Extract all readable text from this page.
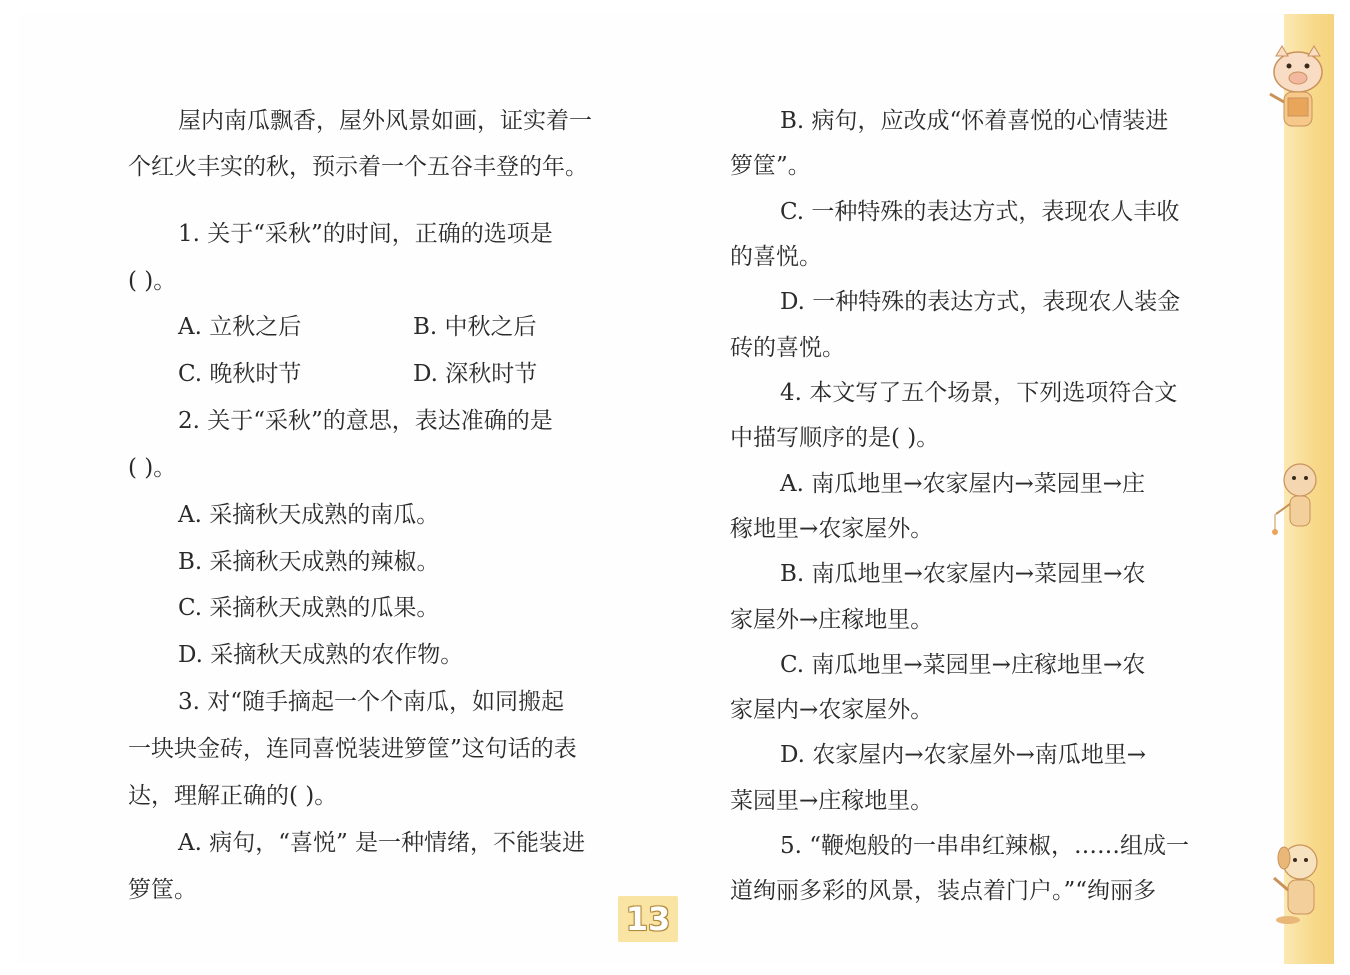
屋内南瓜飘香，屋外风景如画，证实着一
个红火丰实的秋，预示着一个五谷丰登的年。
1. 关于“采秋”的时间，正确的选项是
( )。
A. 立秋之后	B. 中秋之后
C. 晚秋时节	D. 深秋时节
2. 关于“采秋”的意思，表达准确的是
( )。
A. 采摘秋天成熟的南瓜。
B. 采摘秋天成熟的辣椒。
C. 采摘秋天成熟的瓜果。
D. 采摘秋天成熟的农作物。
3. 对“随手摘起一个个南瓜，如同搬起
一块块金砖，连同喜悦装进箩筐”这句话的表
达，理解正确的( )。
A. 病句，“喜悦” 是一种情绪，不能装进
箩筐。
B. 病句，应改成“怀着喜悦的心情装进
箩筐”。
C. 一种特殊的表达方式，表现农人丰收
的喜悦。
D. 一种特殊的表达方式，表现农人装金
砖的喜悦。
4. 本文写了五个场景，下列选项符合文
中描写顺序的是( )。
A. 南瓜地里→农家屋内→菜园里→庄
稼地里→农家屋外。
B. 南瓜地里→农家屋内→菜园里→农
家屋外→庄稼地里。
C. 南瓜地里→菜园里→庄稼地里→农
家屋内→农家屋外。
D. 农家屋内→农家屋外→南瓜地里→
菜园里→庄稼地里。
5. “鞭炮般的一串串红辣椒，……组成一
道绚丽多彩的风景，装点着门户。”“绚丽多
13
